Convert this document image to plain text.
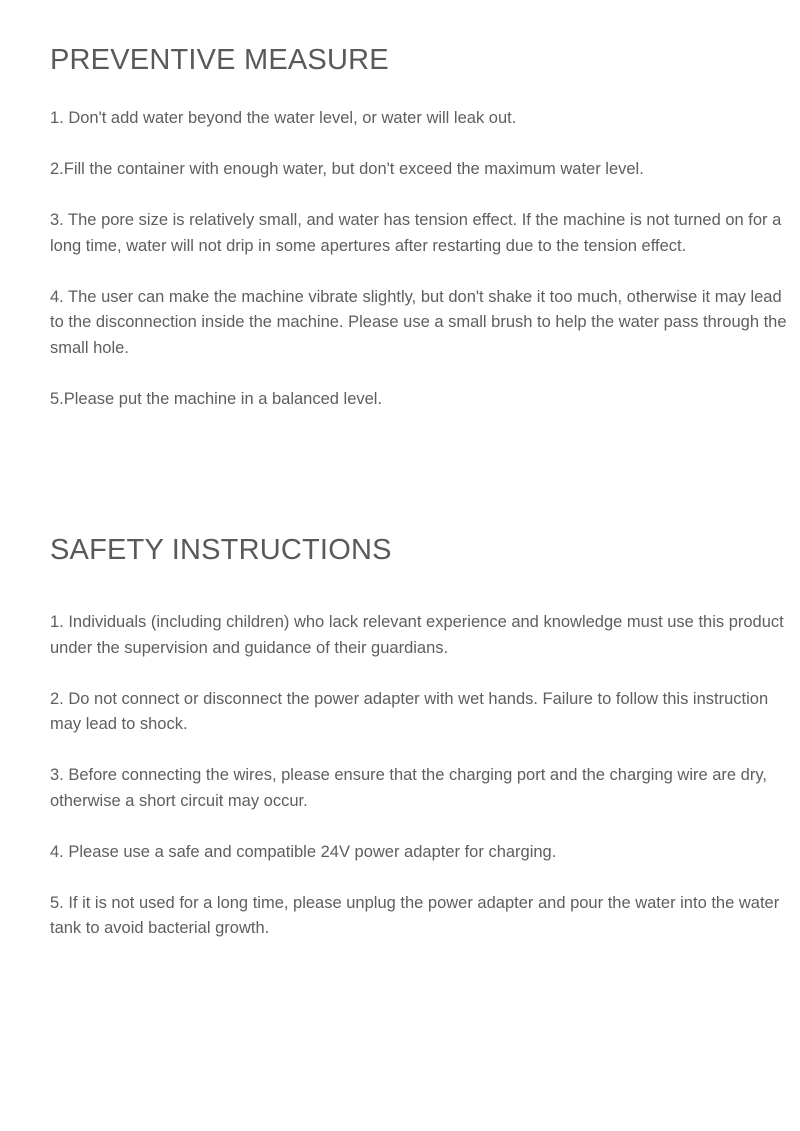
PREVENTIVE MEASURE
1. Don't add water beyond the water level, or water will leak out.
2.Fill the container with enough water, but don't exceed the maximum water level.
3. The pore size is relatively small, and water has tension effect. If the machine is not turned on for a long time, water will not drip in some apertures after restarting due to the tension effect.
4. The user can make the machine vibrate slightly, but don't shake it too much, otherwise it may lead to the disconnection inside the machine. Please use a small brush to help the water pass through the small hole.
5.Please put the machine in a balanced level.
SAFETY INSTRUCTIONS
1. Individuals (including children) who lack relevant experience and knowledge must use this product under the supervision and guidance of their guardians.
2. Do not connect or disconnect the power adapter with wet hands. Failure to follow this instruction may lead to shock.
3. Before connecting the wires, please ensure that the charging port and the charging wire are dry, otherwise a short circuit may occur.
4. Please use a safe and compatible 24V power adapter for charging.
5. If it is not used for a long time, please unplug the power adapter and pour the water into the water tank to avoid bacterial growth.
